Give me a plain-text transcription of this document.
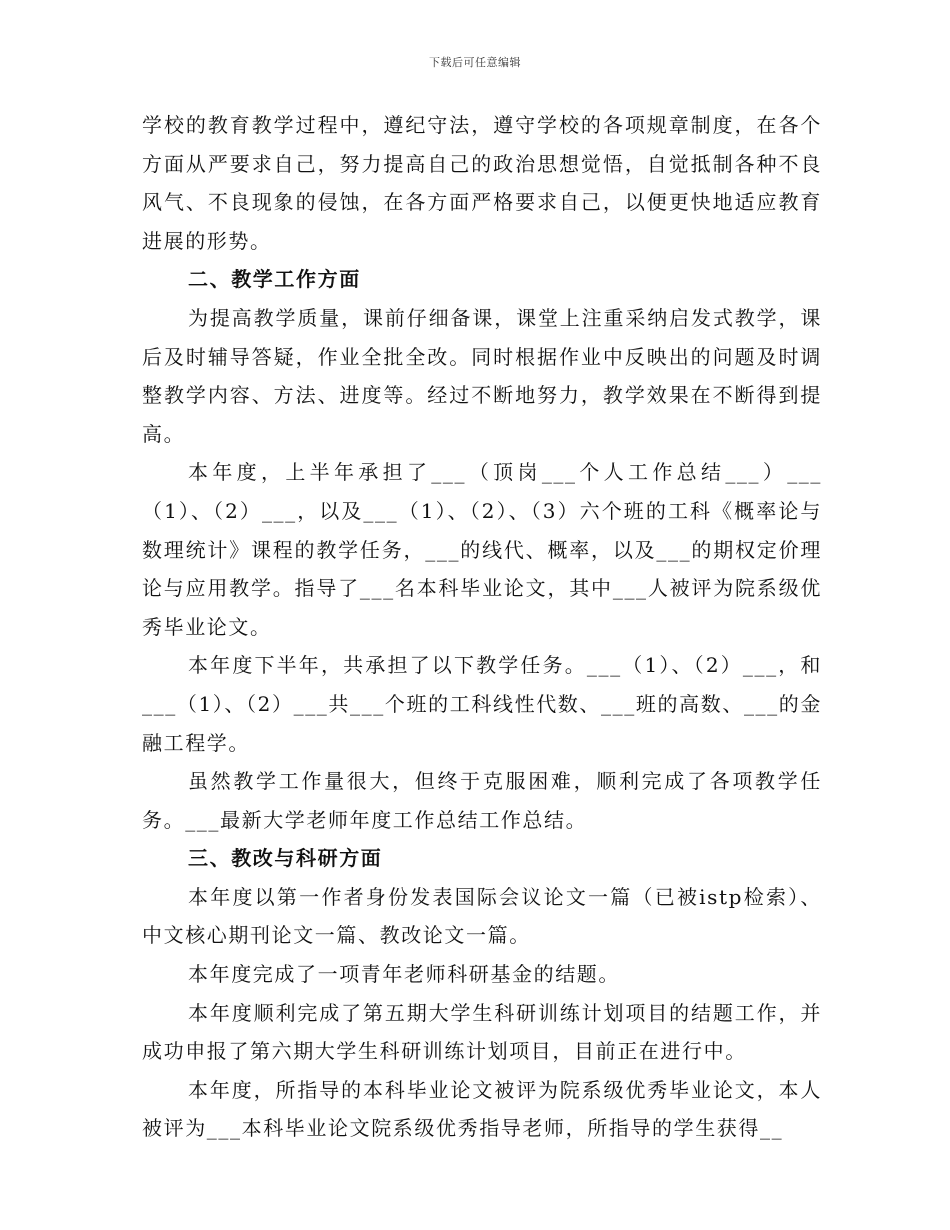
下载后可任意编辑

学校的教育教学过程中，遵纪守法，遵守学校的各项规章制度，在各个方面从严要求自己，努力提高自己的政治思想觉悟，自觉抵制各种不良风气、不良现象的侵蚀，在各方面严格要求自己，以便更快地适应教育进展的形势。

二、教学工作方面

为提高教学质量，课前仔细备课，课堂上注重采纳启发式教学，课后及时辅导答疑，作业全批全改。同时根据作业中反映出的问题及时调整教学内容、方法、进度等。经过不断地努力，教学效果在不断得到提高。

本年度，上半年承担了___（顶岗___个人工作总结___）___（1）、（2）___，以及___（1）、（2）、（3）六个班的工科《概率论与数理统计》课程的教学任务，___的线代、概率，以及___的期权定价理论与应用教学。指导了___名本科毕业论文，其中___人被评为院系级优秀毕业论文。

本年度下半年，共承担了以下教学任务。___（1）、（2）___，和___（1）、（2）___共___个班的工科线性代数、___班的高数、___的金融工程学。

虽然教学工作量很大，但终于克服困难，顺利完成了各项教学任务。___最新大学老师年度工作总结工作总结。

三、教改与科研方面

本年度以第一作者身份发表国际会议论文一篇（已被istp检索）、中文核心期刊论文一篇、教改论文一篇。

本年度完成了一项青年老师科研基金的结题。

本年度顺利完成了第五期大学生科研训练计划项目的结题工作，并成功申报了第六期大学生科研训练计划项目，目前正在进行中。

本年度，所指导的本科毕业论文被评为院系级优秀毕业论文，本人被评为___本科毕业论文院系级优秀指导老师，所指导的学生获得__
